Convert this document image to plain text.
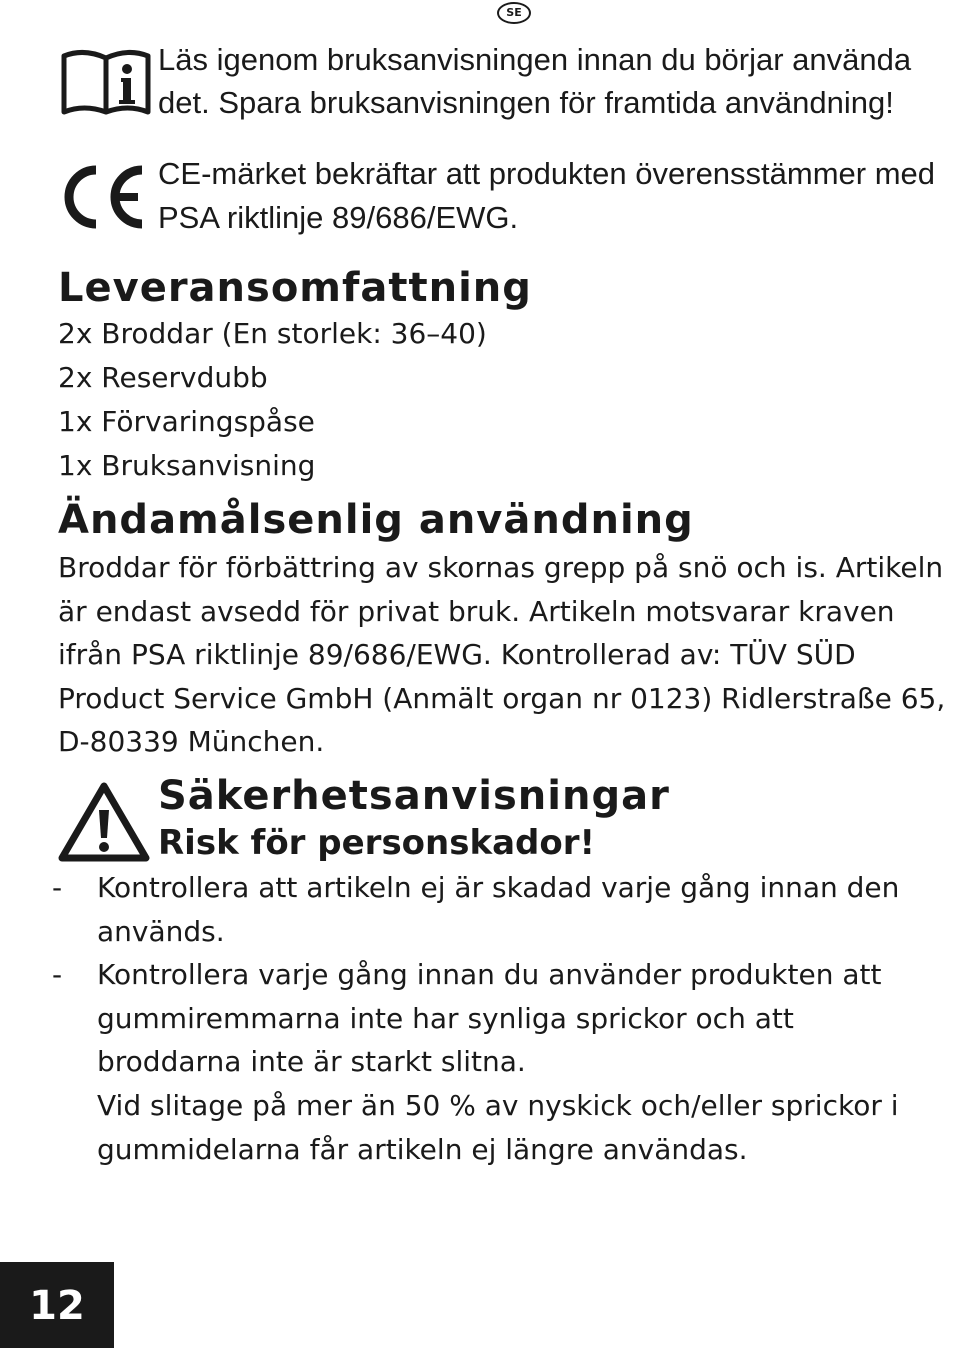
SE
Läs igenom bruksanvisningen innan du börjar använda
det. Spara bruksanvisningen för framtida användning!
CE-märket bekräftar att produkten överensstämmer med
PSA riktlinje 89/686/EWG.
Leveransomfattning
2x Broddar (En storlek: 36–40)
2x Reservdubb
1x Förvaringspåse
1x Bruksanvisning
Ändamålsenlig användning

Broddar för förbättring av skornas grepp på snö och is. Artikeln är endast avsedd för privat bruk. Artikeln motsvarar kraven ifrån PSA riktlinje 89/686/EWG. Kontrollerad av: TÜV SÜD Product Service GmbH (Anmält organ nr 0123) Ridlerstraße 65, D-80339 München.

Säkerhetsanvisningar
Risk för personskador!
- Kontrollera att artikeln ej är skadad varje gång innan den används.
- Kontrollera varje gång innan du använder produkten att gummiremmarna inte har synliga sprickor och att broddarna inte är starkt slitna.

Vid slitage på mer än 50 % av nyskick och/eller sprickor i gummidelarna får artikeln ej längre användas.

12
